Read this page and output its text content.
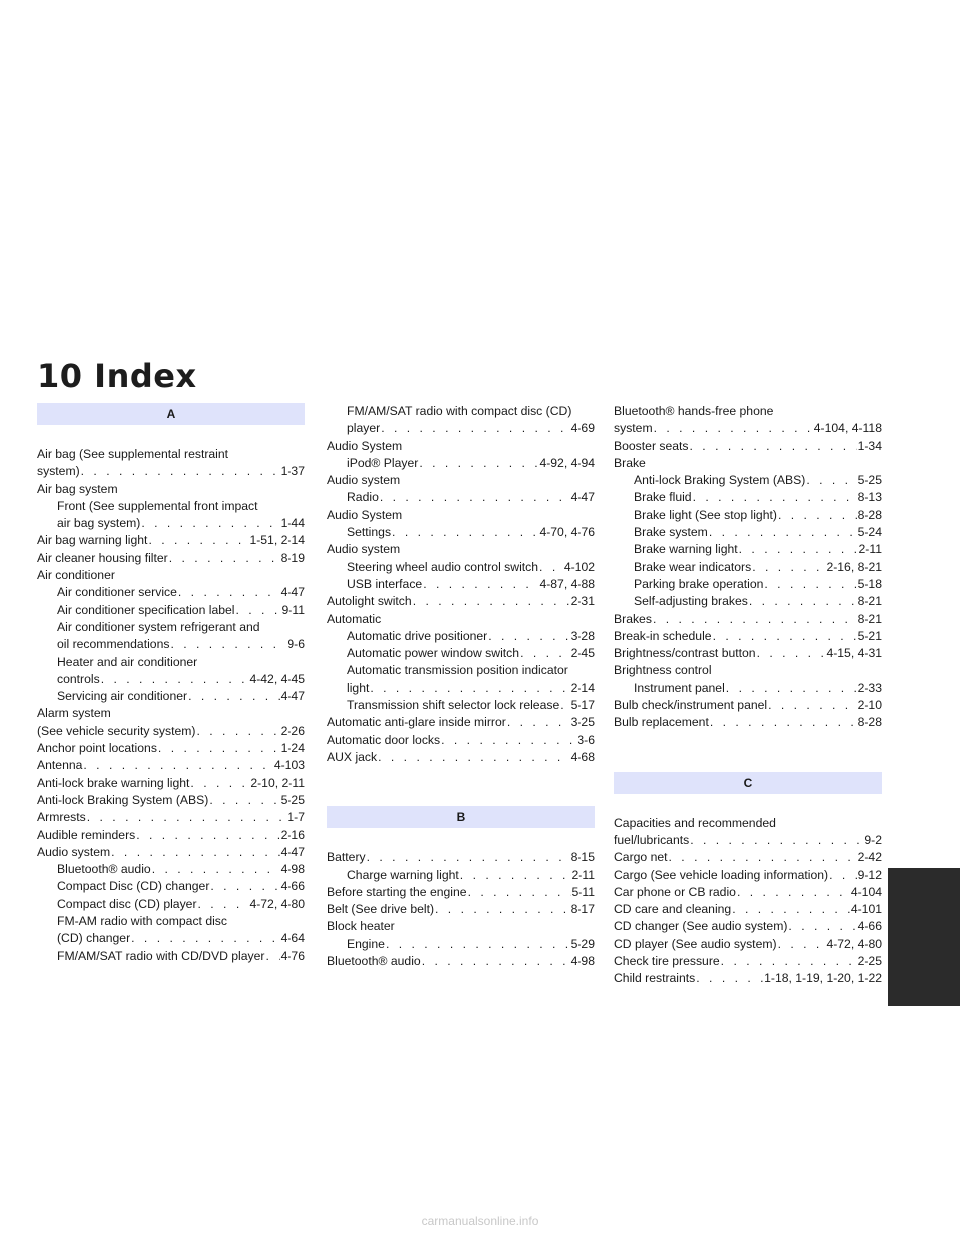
10 Index
A
Air bag (See supplemental restraint
system) . . .	1-37
Air bag system
Front (See supplemental front impact
air bag system) . . .	1-44
Air bag warning light . . .	1-51, 2-14
Air cleaner housing filter . . .	8-19
Air conditioner
Air conditioner service . . .	4-47
Air conditioner specification label . . .	9-11
Air conditioner system refrigerant and
oil recommendations . . .	9-6
Heater and air conditioner
controls . . .	4-42, 4-45
Servicing air conditioner . . .	4-47
Alarm system
(See vehicle security system) . . .	2-26
Anchor point locations . . .	1-24
Antenna . . .	4-103
Anti-lock brake warning light . . .	2-10, 2-11
Anti-lock Braking System (ABS) . . .	5-25
Armrests . . .	1-7
Audible reminders . . .	2-16
Audio system . . .	4-47
Bluetooth® audio . . .	4-98
Compact Disc (CD) changer . . .	4-66
Compact disc (CD) player . . .	4-72, 4-80
FM-AM radio with compact disc
(CD) changer . . .	4-64
FM/AM/SAT radio with CD/DVD player . . . 4-76
FM/AM/SAT radio with compact disc (CD)
player . . .	4-69
Audio System
iPod® Player . . .	4-92, 4-94
Audio system
Radio . . .	4-47
Audio System
Settings . . .	4-70, 4-76
Audio system
Steering wheel audio control switch . . . 4-102
USB interface . . .	4-87, 4-88
Autolight switch . . .	2-31
Automatic
Automatic drive positioner . . .	3-28
Automatic power window switch . . .	2-45
Automatic transmission position indicator
light . . .	2-14
Transmission shift selector lock release . . . 5-17
Automatic anti-glare inside mirror . . .	3-25
Automatic door locks . . .	3-6
AUX jack . . .	4-68
B
Battery . . .	8-15
Charge warning light . . .	2-11
Before starting the engine . . .	5-11
Belt (See drive belt) . . .	8-17
Block heater
Engine . . .	5-29
Bluetooth® audio . . .	4-98
Bluetooth® hands-free phone
system . . .	4-104, 4-118
Booster seats . . .	1-34
Brake
Anti-lock Braking System (ABS) . . .	5-25
Brake fluid . . .	8-13
Brake light (See stop light) . . .	8-28
Brake system . . .	5-24
Brake warning light . . .	2-11
Brake wear indicators . . .	2-16, 8-21
Parking brake operation . . .	5-18
Self-adjusting brakes . . .	8-21
Brakes . . .	8-21
Break-in schedule . . .	5-21
Brightness/contrast button . . .	4-15, 4-31
Brightness control
Instrument panel . . .	2-33
Bulb check/instrument panel . . .	2-10
Bulb replacement . . .	8-28
C
Capacities and recommended
fuel/lubricants . . .	9-2
Cargo net . . .	2-42
Cargo (See vehicle loading information) . . . 9-12
Car phone or CB radio . . .	4-104
CD care and cleaning . . .	4-101
CD changer (See audio system) . . .	4-66
CD player (See audio system) . . .	4-72, 4-80
Check tire pressure . . .	2-25
Child restraints . . .	1-18, 1-19, 1-20, 1-22
carmanualsonline.info
